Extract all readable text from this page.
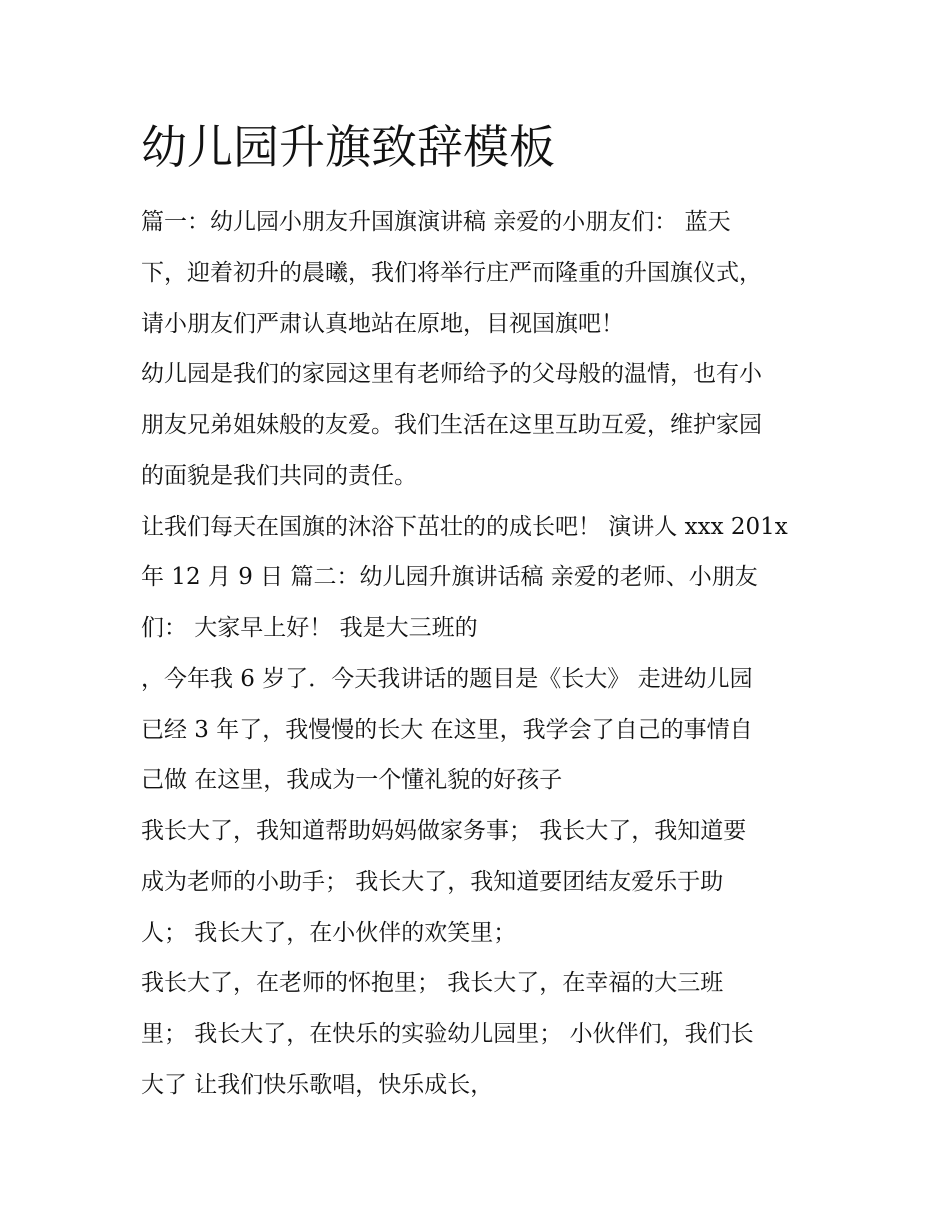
幼儿园升旗致辞模板

篇一：幼儿园小朋友升国旗演讲稿 亲爱的小朋友们： 蓝天

下，迎着初升的晨曦，我们将举行庄严而隆重的升国旗仪式，

请小朋友们严肃认真地站在原地，目视国旗吧！

幼儿园是我们的家园这里有老师给予的父母般的温情，也有小

朋友兄弟姐妹般的友爱。我们生活在这里互助互爱，维护家园

的面貌是我们共同的责任。

让我们每天在国旗的沐浴下茁壮的的成长吧！ 演讲人 xxx 201x

年 12 月 9 日 篇二：幼儿园升旗讲话稿 亲爱的老师、小朋友

们： 大家早上好！ 我是大三班的

，今年我 6 岁了．今天我讲话的题目是《长大》 走进幼儿园

已经 3 年了，我慢慢的长大 在这里，我学会了自己的事情自

己做 在这里，我成为一个懂礼貌的好孩子

我长大了，我知道帮助妈妈做家务事； 我长大了，我知道要

成为老师的小助手； 我长大了，我知道要团结友爱乐于助

人； 我长大了，在小伙伴的欢笑里；

我长大了，在老师的怀抱里； 我长大了，在幸福的大三班

里； 我长大了，在快乐的实验幼儿园里； 小伙伴们，我们长

大了 让我们快乐歌唱，快乐成长，
